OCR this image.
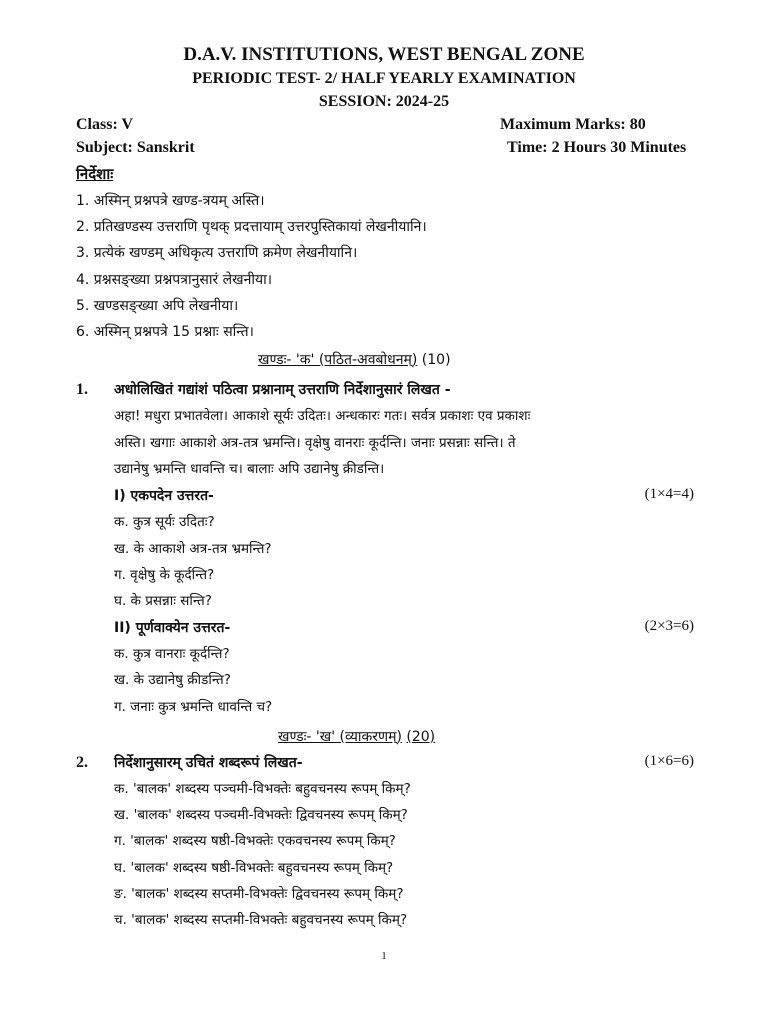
D.A.V. INSTITUTIONS, WEST BENGAL ZONE
PERIODIC TEST- 2/ HALF YEARLY EXAMINATION
SESSION: 2024-25
Class: V	Maximum Marks: 80
Subject: Sanskrit	Time: 2 Hours 30 Minutes
निर्देशाः
1. अस्मिन् प्रश्नपत्रे खण्ड-त्रयम् अस्ति।
2. प्रतिखण्डस्य उत्तराणि पृथक् प्रदत्तायाम् उत्तरपुस्तिकायां लेखनीयानि।
3. प्रत्येकं खण्डम् अधिकृत्य उत्तराणि क्रमेण लेखनीयानि।
4. प्रश्नसङ्ख्या प्रश्नपत्रानुसारं लेखनीया।
5. खण्डसङ्ख्या अपि लेखनीया।
6. अस्मिन् प्रश्नपत्रे 15 प्रश्नाः सन्ति।
खण्डः- 'क' (पठित-अवबोधनम्) (10)
1. अधोलिखितं गद्यांशं पठित्वा प्रश्नानाम् उत्तराणि निर्देशानुसारं लिखत -
अहा! मधुरा प्रभातवेला। आकाशे सूर्यः उदितः। अन्धकारः गतः। सर्वत्र प्रकाशः एव प्रकाशः
अस्ति। खगाः आकाशे अत्र-तत्र भ्रमन्ति। वृक्षेषु वानराः कूर्दन्ति। जनाः प्रसन्नाः सन्ति। ते
उद्यानेषु भ्रमन्ति धावन्ति च। बालाः अपि उद्यानेषु क्रीडन्ति।
I) एकपदेन उत्तरत-	(1×4=4)
क. कुत्र सूर्यः उदितः?
ख. के आकाशे अत्र-तत्र भ्रमन्ति?
ग. वृक्षेषु के कूर्दन्ति?
घ. के प्रसन्नाः सन्ति?
II) पूर्णवाक्येन उत्तरत-	(2×3=6)
क. कुत्र वानराः कूर्दन्ति?
ख. के उद्यानेषु क्रीडन्ति?
ग. जनाः कुत्र भ्रमन्ति धावन्ति च?
खण्डः- 'ख' (व्याकरणम्) (20)
2. निर्देशानुसारम् उचितं शब्दरूपं लिखत-	(1×6=6)
क. 'बालक' शब्दस्य पञ्चमी-विभक्तेः बहुवचनस्य रूपम् किम्?
ख. 'बालक' शब्दस्य पञ्चमी-विभक्तेः द्विवचनस्य रूपम् किम्?
ग. 'बालक' शब्दस्य षष्ठी-विभक्तेः एकवचनस्य रूपम् किम्?
घ. 'बालक' शब्दस्य षष्ठी-विभक्तेः बहुवचनस्य रूपम् किम्?
ङ. 'बालक' शब्दस्य सप्तमी-विभक्तेः द्विवचनस्य रूपम् किम्?
च. 'बालक' शब्दस्य सप्तमी-विभक्तेः बहुवचनस्य रूपम् किम्?
1
